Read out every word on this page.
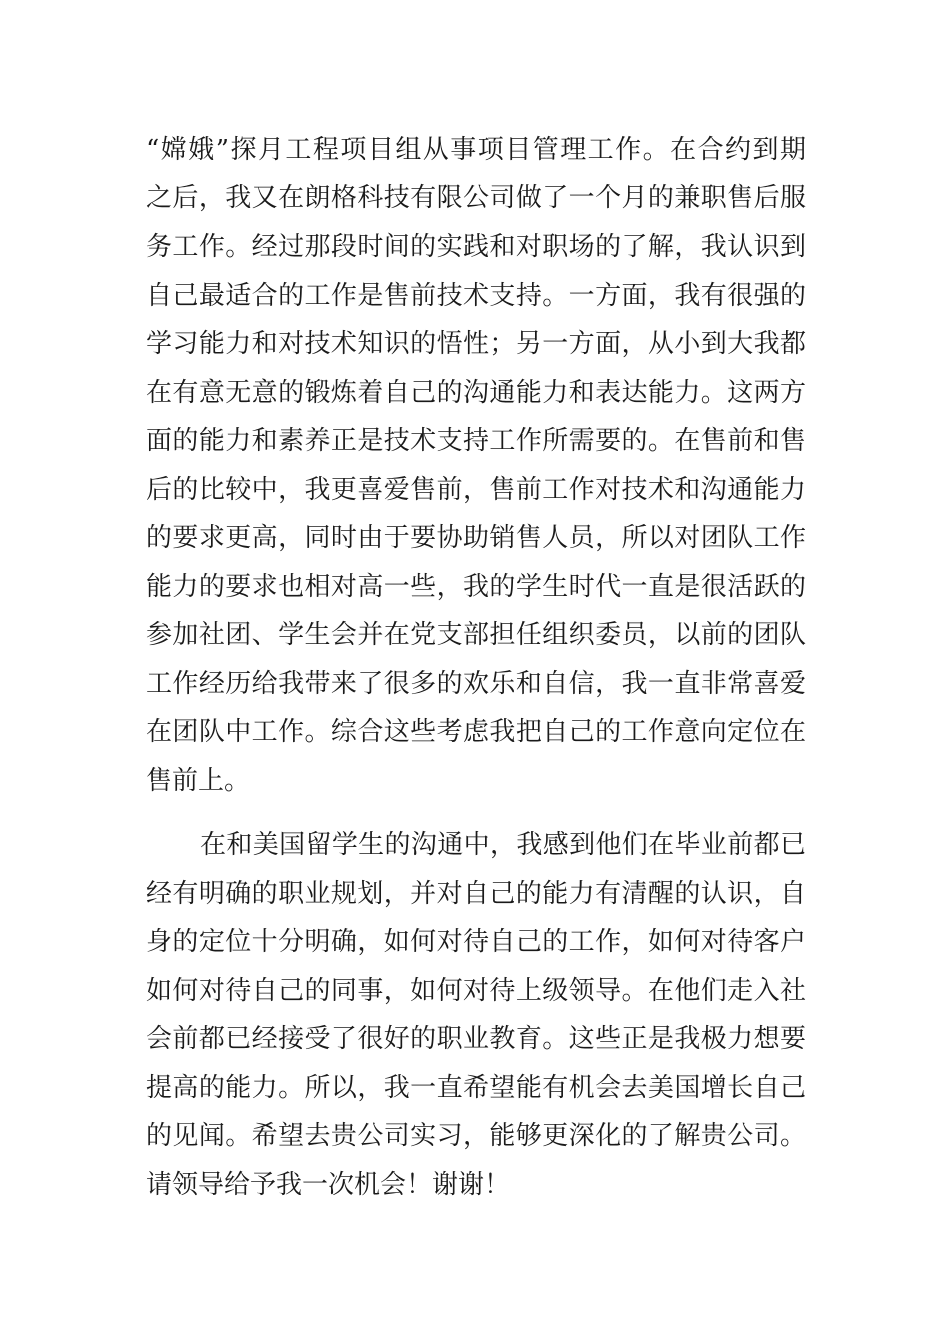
“嫦娥”探月工程项目组从事项目管理工作。在合约到期

之后，我又在朗格科技有限公司做了一个月的兼职售后服

务工作。经过那段时间的实践和对职场的了解，我认识到

自己最适合的工作是售前技术支持。一方面，我有很强的

学习能力和对技术知识的悟性；另一方面，从小到大我都

在有意无意的锻炼着自己的沟通能力和表达能力。这两方

面的能力和素养正是技术支持工作所需要的。在售前和售

后的比较中，我更喜爱售前，售前工作对技术和沟通能力

的要求更高，同时由于要协助销售人员，所以对团队工作

能力的要求也相对高一些，我的学生时代一直是很活跃的

参加社团、学生会并在党支部担任组织委员，以前的团队

工作经历给我带来了很多的欢乐和自信，我一直非常喜爱

在团队中工作。综合这些考虑我把自己的工作意向定位在

售前上。

在和美国留学生的沟通中，我感到他们在毕业前都已

经有明确的职业规划，并对自己的能力有清醒的认识，自

身的定位十分明确，如何对待自己的工作，如何对待客户

如何对待自己的同事，如何对待上级领导。在他们走入社

会前都已经接受了很好的职业教育。这些正是我极力想要

提高的能力。所以，我一直希望能有机会去美国增长自己

的见闻。希望去贵公司实习，能够更深化的了解贵公司。

请领导给予我一次机会！谢谢！
